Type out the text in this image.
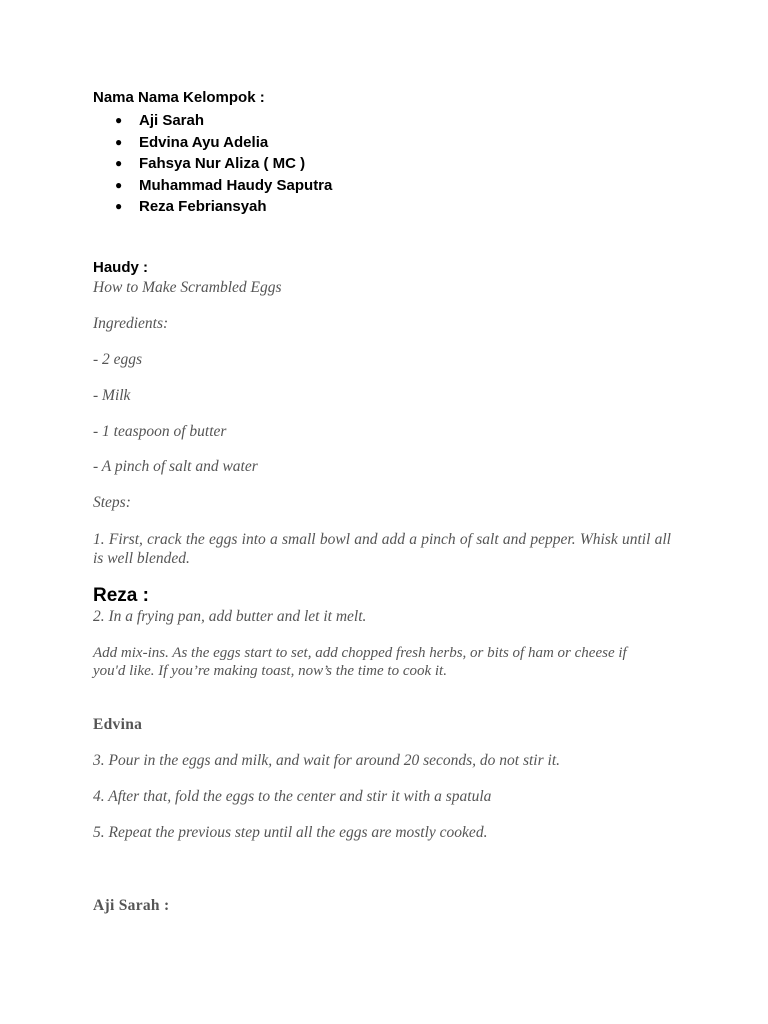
Nama Nama Kelompok :

● Aji Sarah
● Edvina Ayu Adelia
● Fahsya Nur Aliza ( MC )
● Muhammad Haudy Saputra
● Reza Febriansyah

Haudy :

How to Make Scrambled Eggs

Ingredients:

- 2 eggs

- Milk

- 1 teaspoon of butter

- A pinch of salt and water

Steps:

1. First, crack the eggs into a small bowl and add a pinch of salt and pepper. Whisk until all is well blended.

Reza :

2. In a frying pan, add butter and let it melt.

Add mix-ins. As the eggs start to set, add chopped fresh herbs, or bits of ham or cheese if you'd like. If you’re making toast, now’s the time to cook it.

Edvina

3. Pour in the eggs and milk, and wait for around 20 seconds, do not stir it.

4. After that, fold the eggs to the center and stir it with a spatula

5. Repeat the previous step until all the eggs are mostly cooked.

Aji Sarah :
